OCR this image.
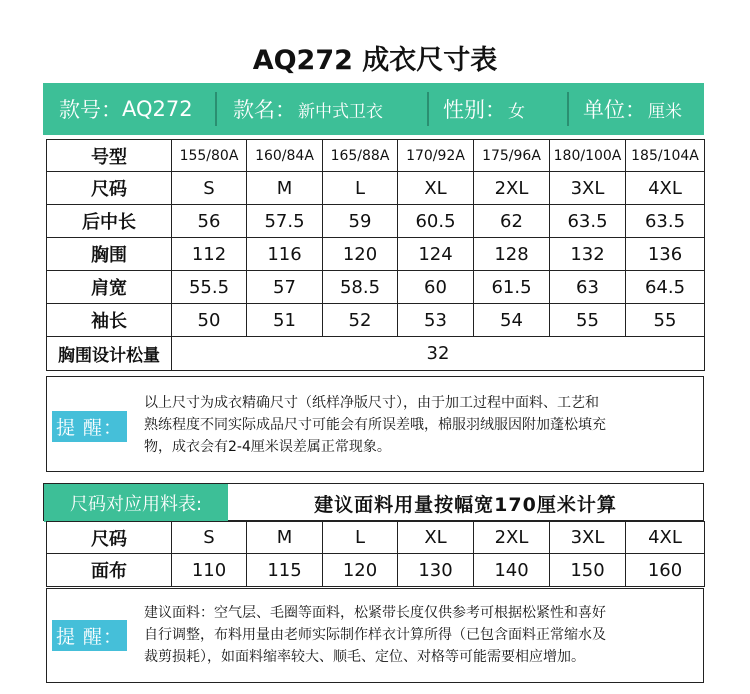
AQ272 成衣尺寸表
款号： AQ272 款名： 新中式卫衣	性别： 女	单位： 厘米
号型	155/80A	160/84A	165/88A	170/92A	175/96A	180/100A	185/104A
尺码	S	M	L	XL	2XL	3XL	4XL
后中长	56	57.5	59	60.5	62	63.5	63.5
胸围	112	116	120	124	128	132	136
肩宽	55.5	57	58.5	60	61.5	63	64.5
袖长	50	51	52	53	54	55	55
胸围设计松量	32						
提 醒：
以上尺寸为成衣精确尺寸（纸样净版尺寸），由于加工过程中面料、工艺和
熟练程度不同实际成品尺寸可能会有所误差哦，棉服羽绒服因附加蓬松填充
物，成衣会有2-4厘米误差属正常现象。
尺码对应用料表:	建议面料用量按幅宽170厘米计算
尺码	S	M	L	XL	2XL	3XL	4XL
面布	110	115	120	130	140	150	160
提 醒：
建议面料：空气层、毛圈等面料，松紧带长度仅供参考可根据松紧性和喜好
自行调整，布料用量由老师实际制作样衣计算所得（已包含面料正常缩水及
裁剪损耗），如面料缩率较大、顺毛、定位、对格等可能需要相应增加。
